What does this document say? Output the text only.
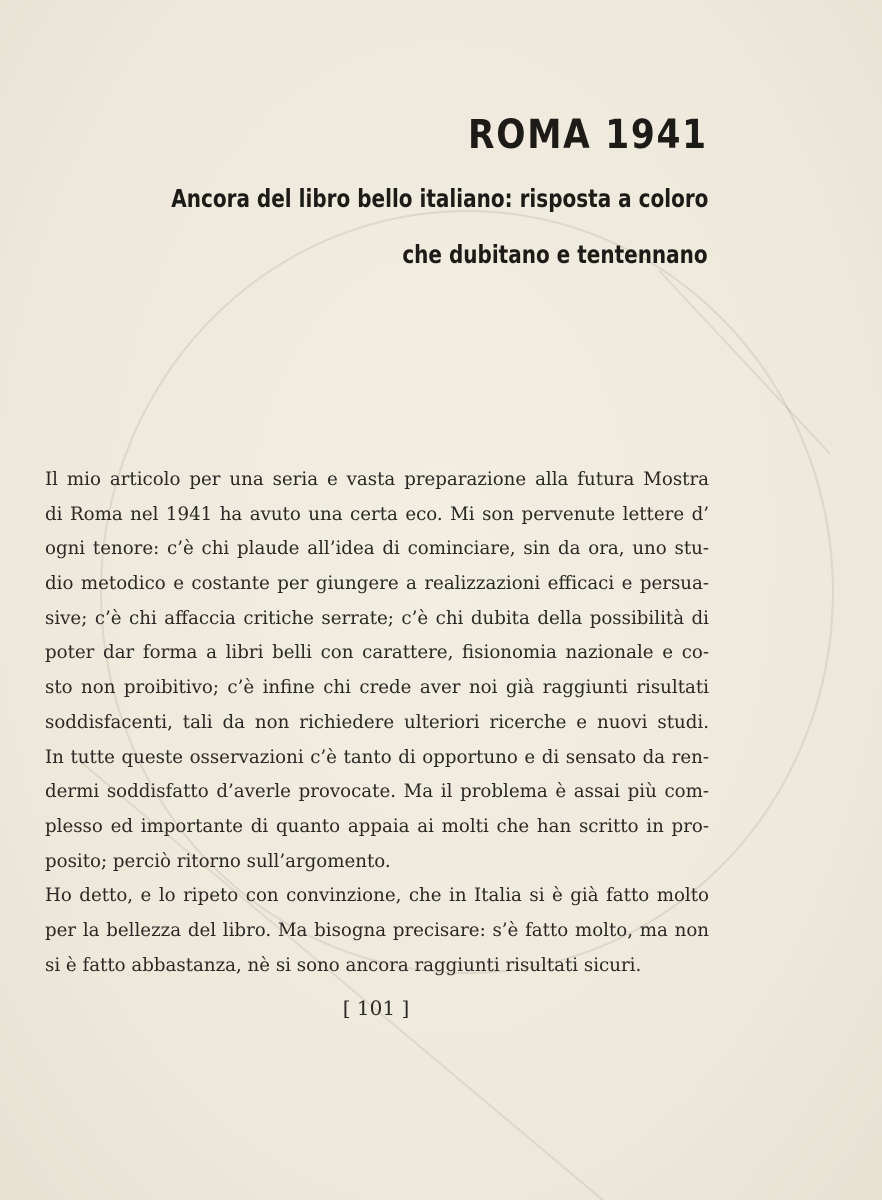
ROMA 1941
Ancora del libro bello italiano: risposta a coloro
che dubitano e tentennano
Il mio articolo per una seria e vasta preparazione alla futura Mostra
di Roma nel 1941 ha avuto una certa eco. Mi son pervenute lettere d’
ogni tenore: c’è chi plaude all’idea di cominciare, sin da ora, uno stu-
dio metodico e costante per giungere a realizzazioni efficaci e persua-
sive; c’è chi affaccia critiche serrate; c’è chi dubita della possibilità di
poter dar forma a libri belli con carattere, fisionomia nazionale e co-
sto non proibitivo; c’è infine chi crede aver noi già raggiunti risultati
soddisfacenti, tali da non richiedere ulteriori ricerche e nuovi studi.
In tutte queste osservazioni c’è tanto di opportuno e di sensato da ren-
dermi soddisfatto d’averle provocate. Ma il problema è assai più com-
plesso ed importante di quanto appaia ai molti che han scritto in pro-
posito; perciò ritorno sull’argomento.
Ho detto, e lo ripeto con convinzione, che in Italia si è già fatto molto
per la bellezza del libro. Ma bisogna precisare: s’è fatto molto, ma non
si è fatto abbastanza, nè si sono ancora raggiunti risultati sicuri.
[ 101 ]
